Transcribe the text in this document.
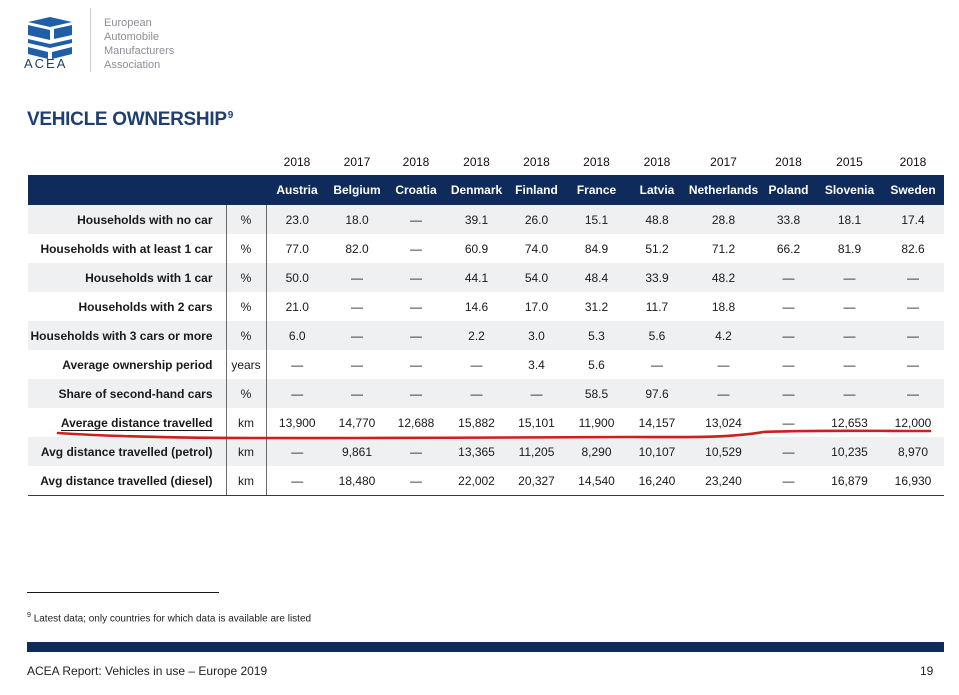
ACEA
European
Automobile
Manufacturers
Association
VEHICLE OWNERSHIP$^9$
		2018	2017	2018	2018	2018	2018	2018	2017	2018	2015	2018
		Austria	Belgium	Croatia	Denmark	Finland	France	Latvia	Netherlands	Poland	Slovenia	Sweden
Households with no car	%	23.0	18.0	—	39.1	26.0	15.1	48.8	28.8	33.8	18.1	17.4
Households with at least 1 car	%	77.0	82.0	—	60.9	74.0	84.9	51.2	71.2	66.2	81.9	82.6
Households with 1 car	%	50.0	—	—	44.1	54.0	48.4	33.9	48.2	—	—	—
Households with 2 cars	%	21.0	—	—	14.6	17.0	31.2	11.7	18.8	—	—	—
Households with 3 cars or more	%	6.0	—	—	2.2	3.0	5.3	5.6	4.2	—	—	—
Average ownership period	years	—	—	—	—	3.4	5.6	—	—	—	—	—
Share of second-hand cars	%	—	—	—	—	—	58.5	97.6	—	—	—	—
Average distance travelled	km	13,900	14,770	12,688	15,882	15,101	11,900	14,157	13,024	—	12,653	12,000
Avg distance travelled (petrol)	km	—	9,861	—	13,365	11,205	8,290	10,107	10,529	—	10,235	8,970
Avg distance travelled (diesel)	km	—	18,480	—	22,002	20,327	14,540	16,240	23,240	—	16,879	16,930
$^9$ Latest data; only countries for which data is available are listed
ACEA Report: Vehicles in use – Europe 2019	19
